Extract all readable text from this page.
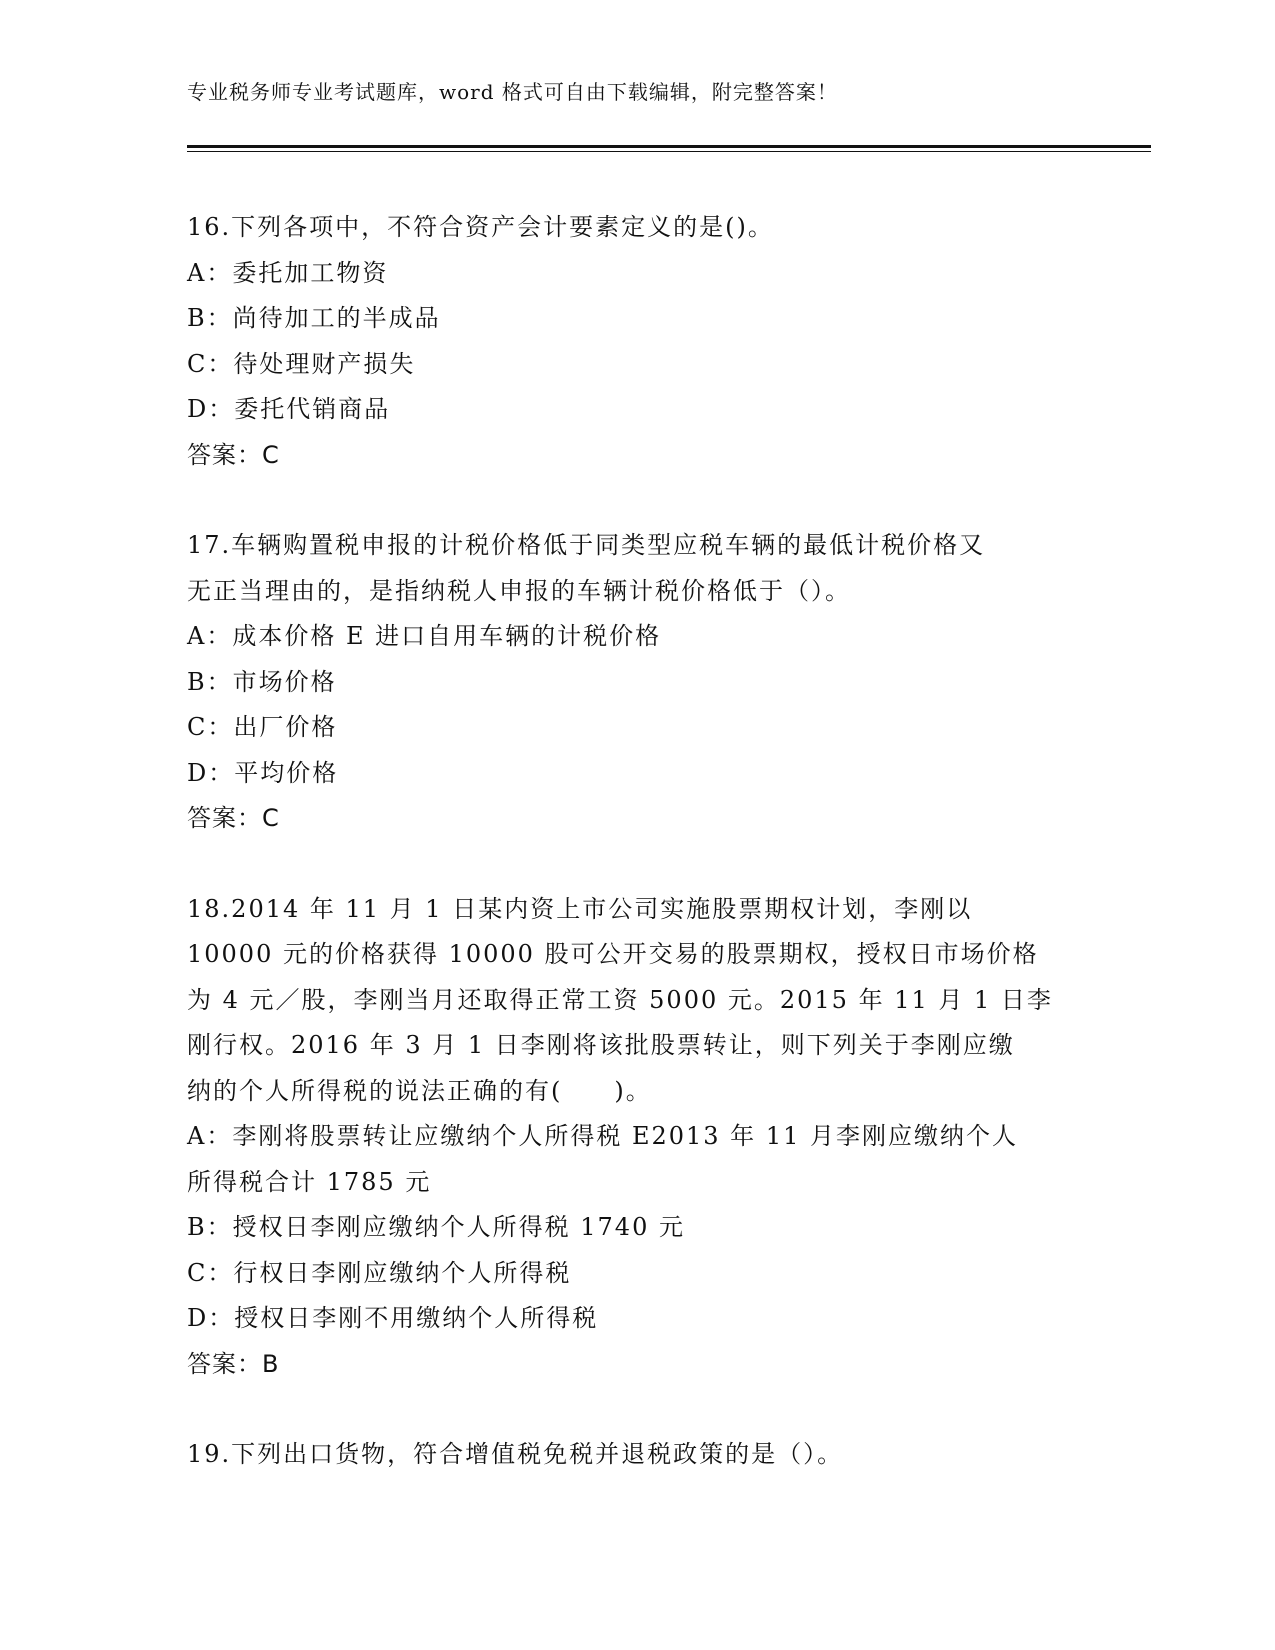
专业税务师专业考试题库，word 格式可自由下载编辑，附完整答案！
16.下列各项中，不符合资产会计要素定义的是()。
A：委托加工物资
B：尚待加工的半成品
C：待处理财产损失
D：委托代销商品
答案：C
17.车辆购置税申报的计税价格低于同类型应税车辆的最低计税价格又
无正当理由的，是指纳税人申报的车辆计税价格低于（）。
A：成本价格 E 进口自用车辆的计税价格
B：市场价格
C：出厂价格
D：平均价格
答案：C
18.2014 年 11 月 1 日某内资上市公司实施股票期权计划，李刚以
10000 元的价格获得 10000 股可公开交易的股票期权，授权日市场价格
为 4 元／股，李刚当月还取得正常工资 5000 元。2015 年 11 月 1 日李
刚行权。2016 年 3 月 1 日李刚将该批股票转让，则下列关于李刚应缴
纳的个人所得税的说法正确的有(　　)。
A：李刚将股票转让应缴纳个人所得税 E2013 年 11 月李刚应缴纳个人
所得税合计 1785 元
B：授权日李刚应缴纳个人所得税 1740 元
C：行权日李刚应缴纳个人所得税
D：授权日李刚不用缴纳个人所得税
答案：B
19.下列出口货物，符合增值税免税并退税政策的是（）。
